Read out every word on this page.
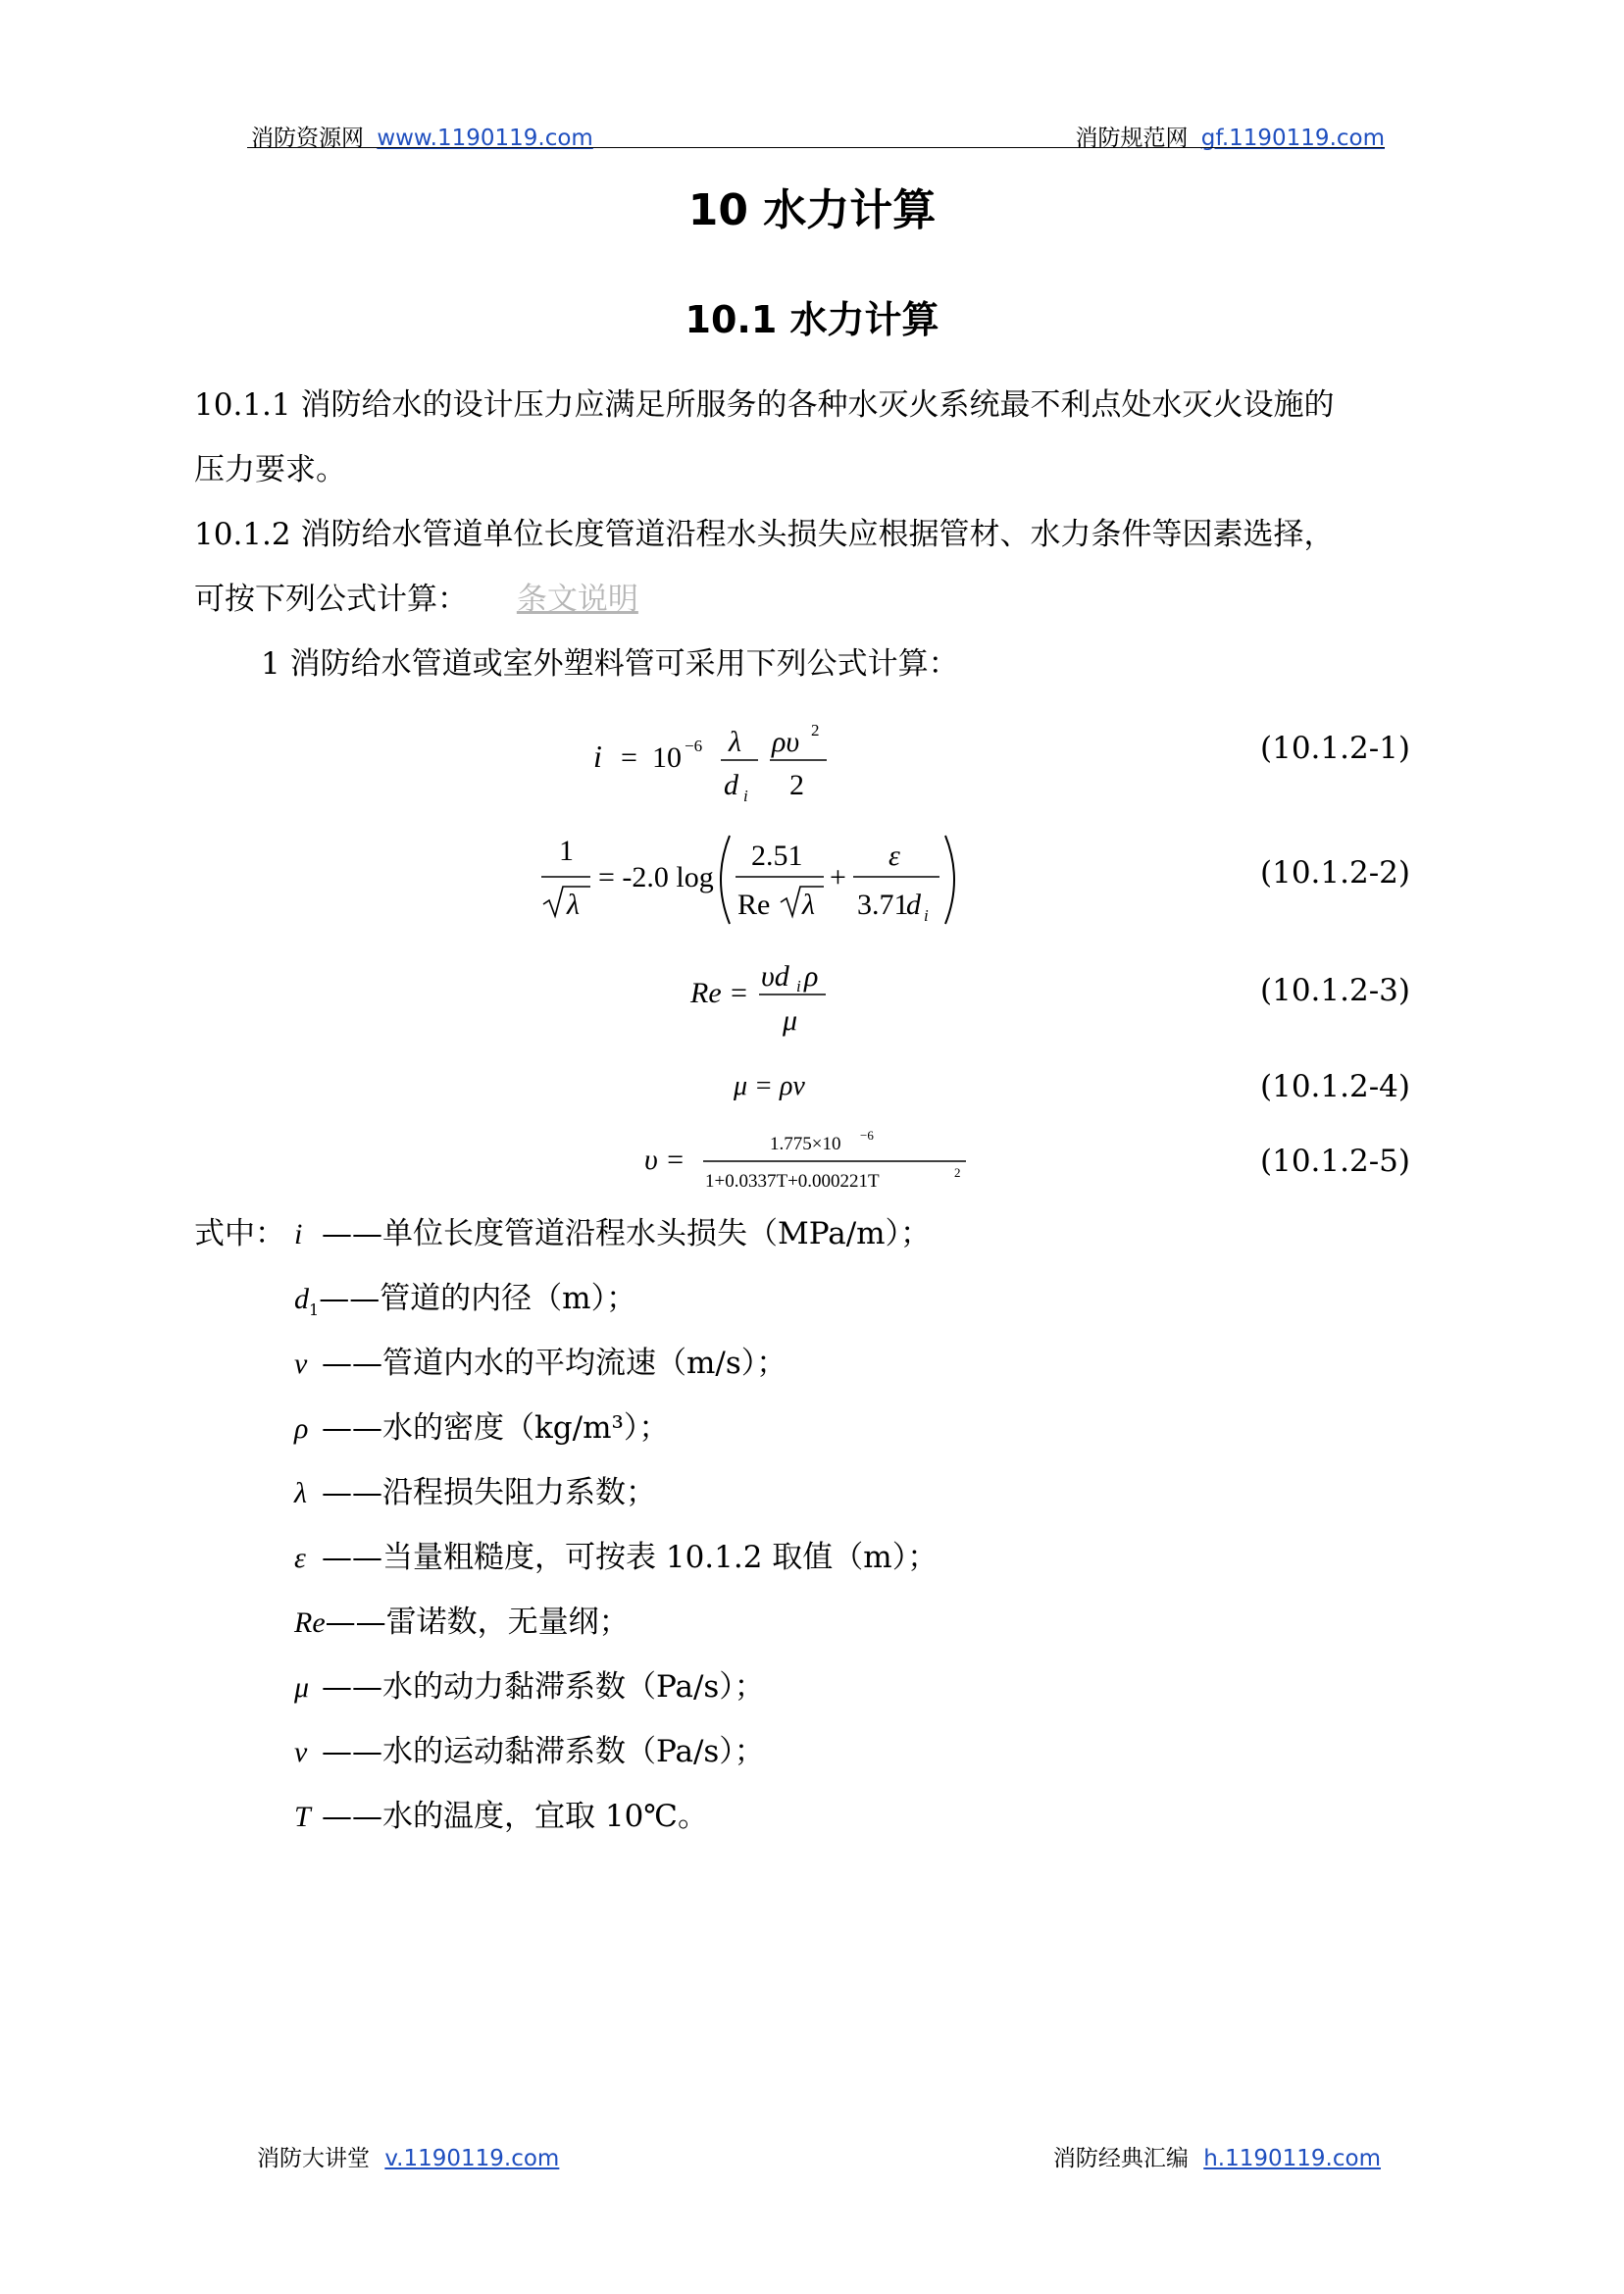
消防资源网 www.1190119.com	消防规范网 gf.1190119.com
10 水力计算
10.1 水力计算
10.1.1 消防给水的设计压力应满足所服务的各种水灭火系统最不利点处水灭火设施的
压力要求。
10.1.2 消防给水管道单位长度管道沿程水头损失应根据管材、水力条件等因素选择，
可按下列公式计算： 条文说明
1 消防给水管道或室外塑料管可采用下列公式计算：
i = 10 −6 λ
d i
ρυ 2
2
(10.1.2-1)
1
λ
= -2.0 log
2.51
Re λ
+
ε
3.71
d i
(10.1.2-2)
Re =
υd i ρ
μ
(10.1.2-3)
μ = ρv	(10.1.2-4)
υ =	1.775×10 −6
1+0.0337T+0.000221T	2	(10.1.2-5)
式中： i ——单位长度管道沿程水头损失（MPa/m）；
$d_1——$管道的内径（m）；
v ——管道内水的平均流速（m/s）；
ρ ——水的密度（kg/m³）；
λ ——沿程损失阻力系数；
ε ——当量粗糙度，可按表 10.1.2 取值（m）；
Re——雷诺数，无量纲；
μ ——水的动力黏滞系数（Pa/s）；
v ——水的运动黏滞系数（Pa/s）；
T ——水的温度，宜取 10℃。
消防大讲堂 v.1190119.com	消防经典汇编 h.1190119.com
